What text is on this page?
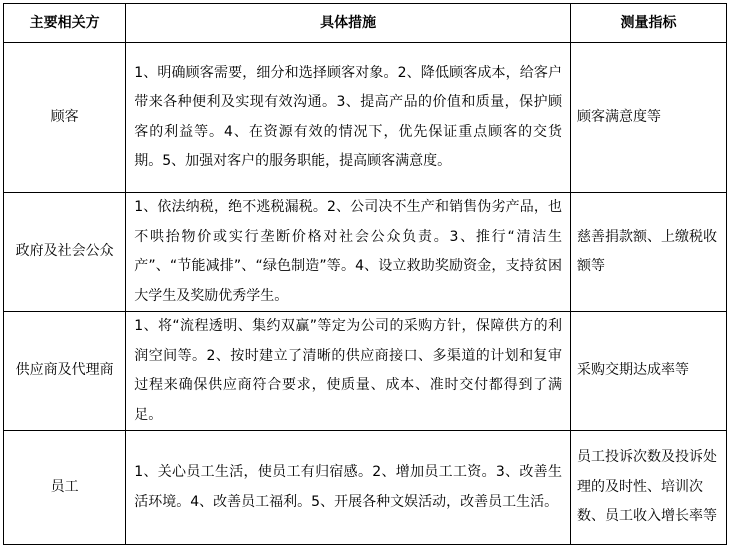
主要相关方	具体措施	测量指标
顾客	1、明确顾客需要，细分和选择顾客对象。2、降低顾客成本，给客户带来各种便利及实现有效沟通。3、提高产品的价值和质量，保护顾客的利益等。4、在资源有效的情况下，优先保证重点顾客的交货期。5、加强对客户的服务职能，提高顾客满意度。	顾客满意度等
政府及社会公众	1、依法纳税，绝不逃税漏税。2、公司决不生产和销售伪劣产品，也不哄抬物价或实行垄断价格对社会公众负责。3、推行“清洁生产”、“节能减排”、“绿色制造”等。4、设立救助奖励资金，支持贫困大学生及奖励优秀学生。	慈善捐款额、上缴税收额等
供应商及代理商	1、将“流程透明、集约双赢”等定为公司的采购方针，保障供方的利润空间等。2、按时建立了清晰的供应商接口、多渠道的计划和复审过程来确保供应商符合要求，使质量、成本、准时交付都得到了满足。	采购交期达成率等
员工	1、关心员工生活，使员工有归宿感。2、增加员工工资。3、改善生活环境。4、改善员工福利。5、开展各种文娱活动，改善员工生活。	员工投诉次数及投诉处理的及时性、培训次数、员工收入增长率等
